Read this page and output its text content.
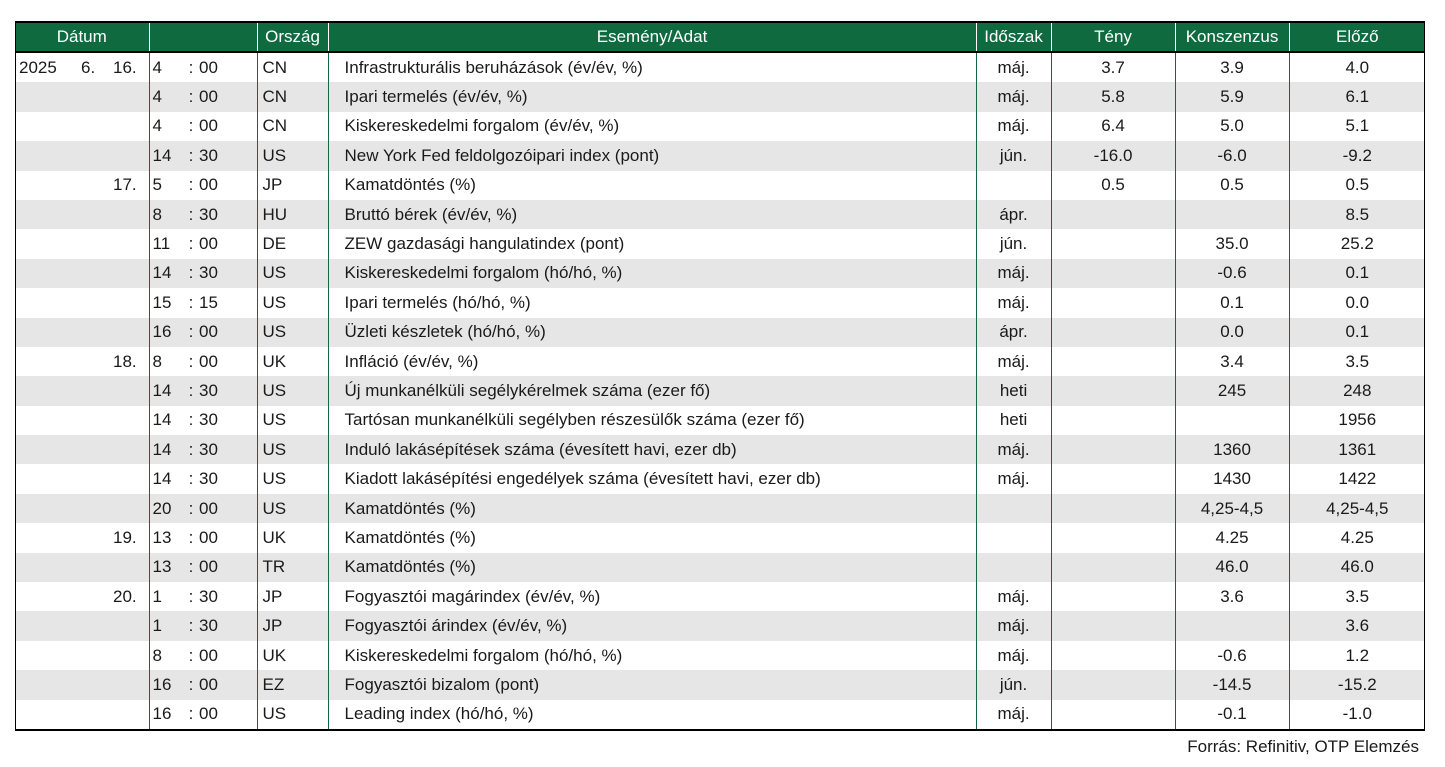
Dátum						Ország	Esemény/Adat	Időszak	Tény	Konszenzus	Előző
2025	6.	16.	4	:	00	CN	Infrastrukturális beruházások (év/év, %)	máj.	3.7	3.9	4.0
			4	:	00	CN	Ipari termelés (év/év, %)	máj.	5.8	5.9	6.1
			4	:	00	CN	Kiskereskedelmi forgalom (év/év, %)	máj.	6.4	5.0	5.1
			14	:	30	US	New York Fed feldolgozóipari index (pont)	jún.	-16.0	-6.0	-9.2
		17.	5	:	00	JP	Kamatdöntés (%)		0.5	0.5	0.5
			8	:	30	HU	Bruttó bérek (év/év, %)	ápr.			8.5
			11	:	00	DE	ZEW gazdasági hangulatindex (pont)	jún.		35.0	25.2
			14	:	30	US	Kiskereskedelmi forgalom (hó/hó, %)	máj.		-0.6	0.1
			15	:	15	US	Ipari termelés (hó/hó, %)	máj.		0.1	0.0
			16	:	00	US	Üzleti készletek (hó/hó, %)	ápr.		0.0	0.1
		18.	8	:	00	UK	Infláció (év/év, %)	máj.		3.4	3.5
			14	:	30	US	Új munkanélküli segélykérelmek száma (ezer fő)	heti		245	248
			14	:	30	US	Tartósan munkanélküli segélyben részesülők száma (ezer fő)	heti			1956
			14	:	30	US	Induló lakásépítések száma (évesített havi, ezer db)	máj.		1360	1361
			14	:	30	US	Kiadott lakásépítési engedélyek száma (évesített havi, ezer db)	máj.		1430	1422
			20	:	00	US	Kamatdöntés (%)			4,25-4,5	4,25-4,5
		19.	13	:	00	UK	Kamatdöntés (%)			4.25	4.25
			13	:	00	TR	Kamatdöntés (%)			46.0	46.0
		20.	1	:	30	JP	Fogyasztói magárindex (év/év, %)	máj.		3.6	3.5
			1	:	30	JP	Fogyasztói árindex (év/év, %)	máj.			3.6
			8	:	00	UK	Kiskereskedelmi forgalom (hó/hó, %)	máj.		-0.6	1.2
			16	:	00	EZ	Fogyasztói bizalom (pont)	jún.		-14.5	-15.2
			16	:	00	US	Leading index (hó/hó, %)	máj.		-0.1	-1.0
Forrás: Refinitiv, OTP Elemzés
